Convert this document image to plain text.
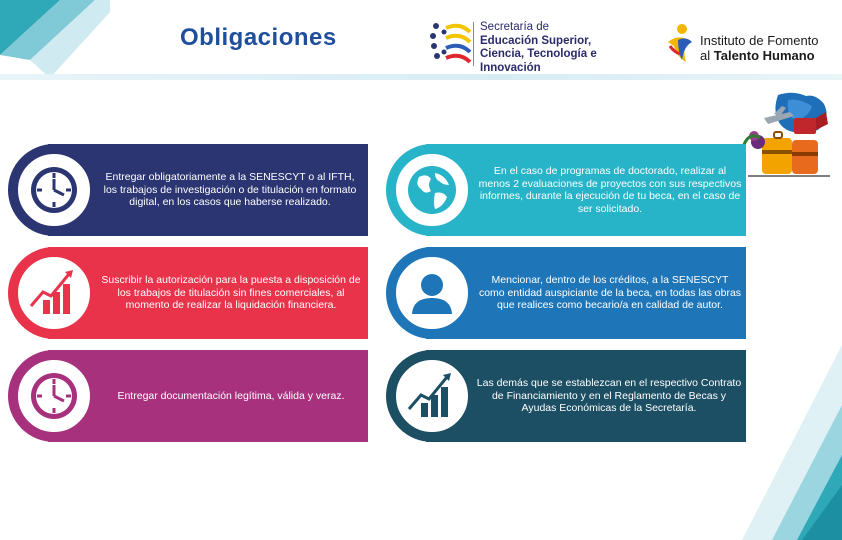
Obligaciones	Secretaría de
Educación Superior,
Ciencia, Tecnología e Innovación
Instituto de Fomento
al Talento Humano
Entregar obligatoriamente a la SENESCYT o al IFTH, los trabajos de investigación o de titulación en formato digital, en los casos que haberse realizado.
En el caso de programas de doctorado, realizar al menos 2 evaluaciones de proyectos con sus respectivos informes, durante la ejecución de tu beca, en el caso de ser solicitado.
Suscribir la autorización para la puesta a disposición de los trabajos de titulación sin fines comerciales, al momento de realizar la liquidación financiera.
Mencionar, dentro de los créditos, a la SENESCYT como entidad auspiciante de la beca, en todas las obras que realices como becario/a en calidad de autor.
Entregar documentación legítima, válida y veraz.
Las demás que se establezcan en el respectivo Contrato de Financiamiento y en el Reglamento de Becas y Ayudas Económicas de la Secretaría.
